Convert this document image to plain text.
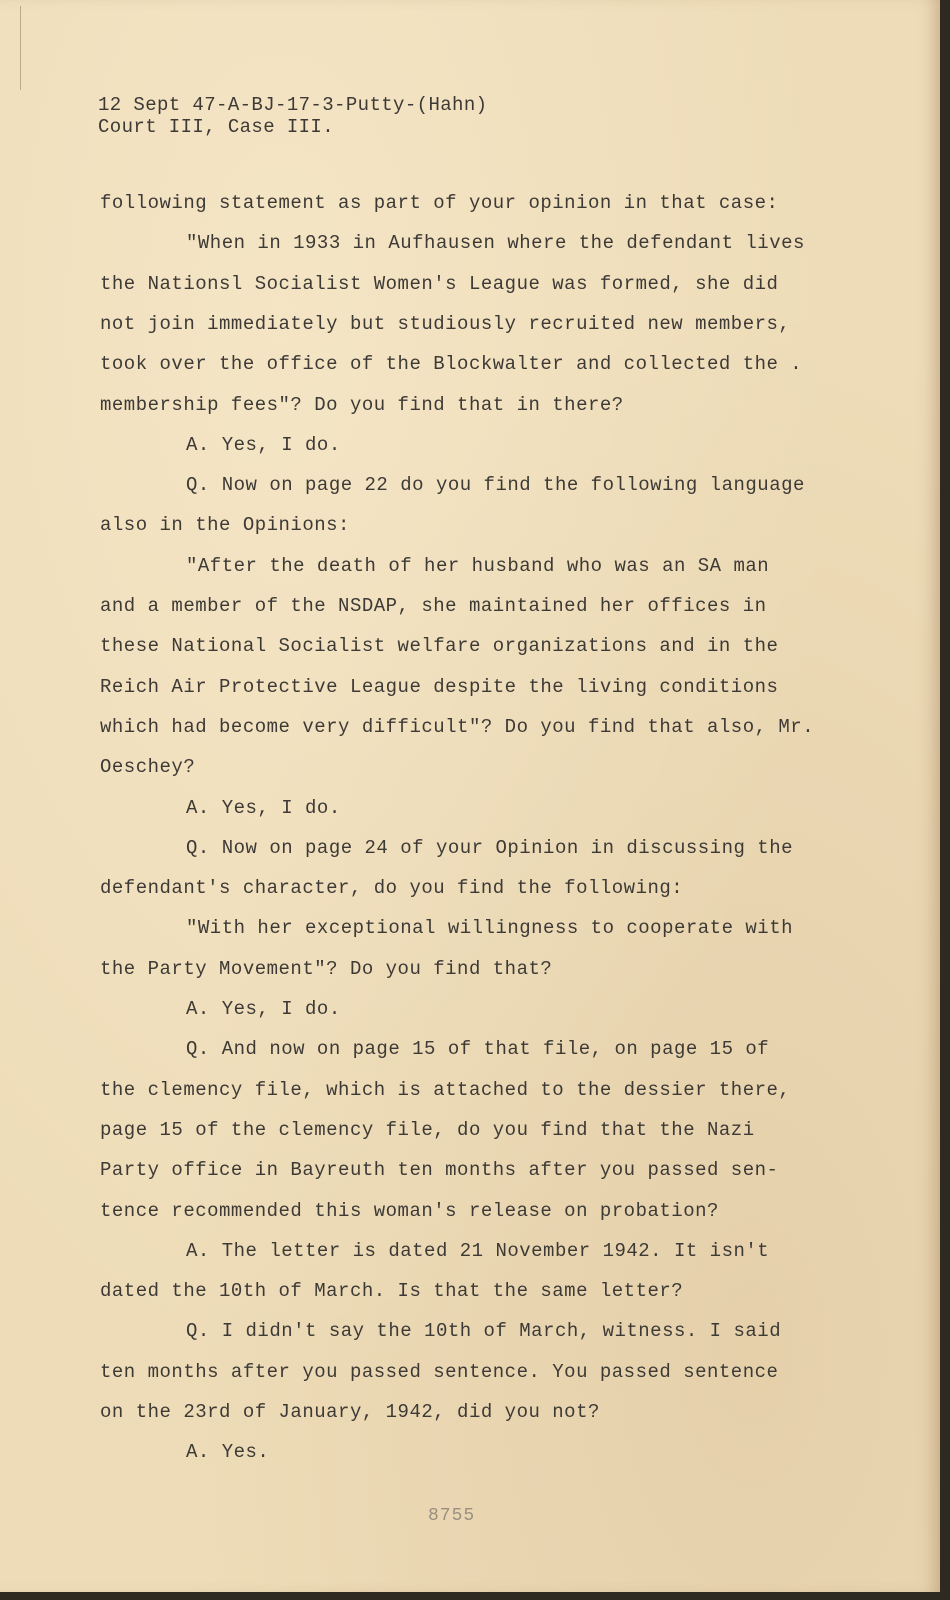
12 Sept 47-A-BJ-17-3-Putty-(Hahn)
Court III, Case III.
following statement as part of your opinion in that case:
"When in 1933 in Aufhausen where the defendant lives
the Nationsl Socialist Women's League was formed, she did
not join immediately but studiously recruited new members,
took over the office of the Blockwalter and collected the .
membership fees"? Do you find that in there?
A. Yes, I do.
Q. Now on page 22 do you find the following language
also in the Opinions:
"After the death of her husband who was an SA man
and a member of the NSDAP, she maintained her offices in
these National Socialist welfare organizations and in the
Reich Air Protective League despite the living conditions
which had become very difficult"? Do you find that also, Mr.
Oeschey?
A. Yes, I do.
Q. Now on page 24 of your Opinion in discussing the
defendant's character, do you find the following:
"With her exceptional willingness to cooperate with
the Party Movement"? Do you find that?
A. Yes, I do.
Q. And now on page 15 of that file, on page 15 of
the clemency file, which is attached to the dessier there,
page 15 of the clemency file, do you find that the Nazi
Party office in Bayreuth ten months after you passed sen-
tence recommended this woman's release on probation?
A. The letter is dated 21 November 1942. It isn't
dated the 10th of March. Is that the same letter?
Q. I didn't say the 10th of March, witness. I said
ten months after you passed sentence. You passed sentence
on the 23rd of January, 1942, did you not?
A. Yes.
8755
